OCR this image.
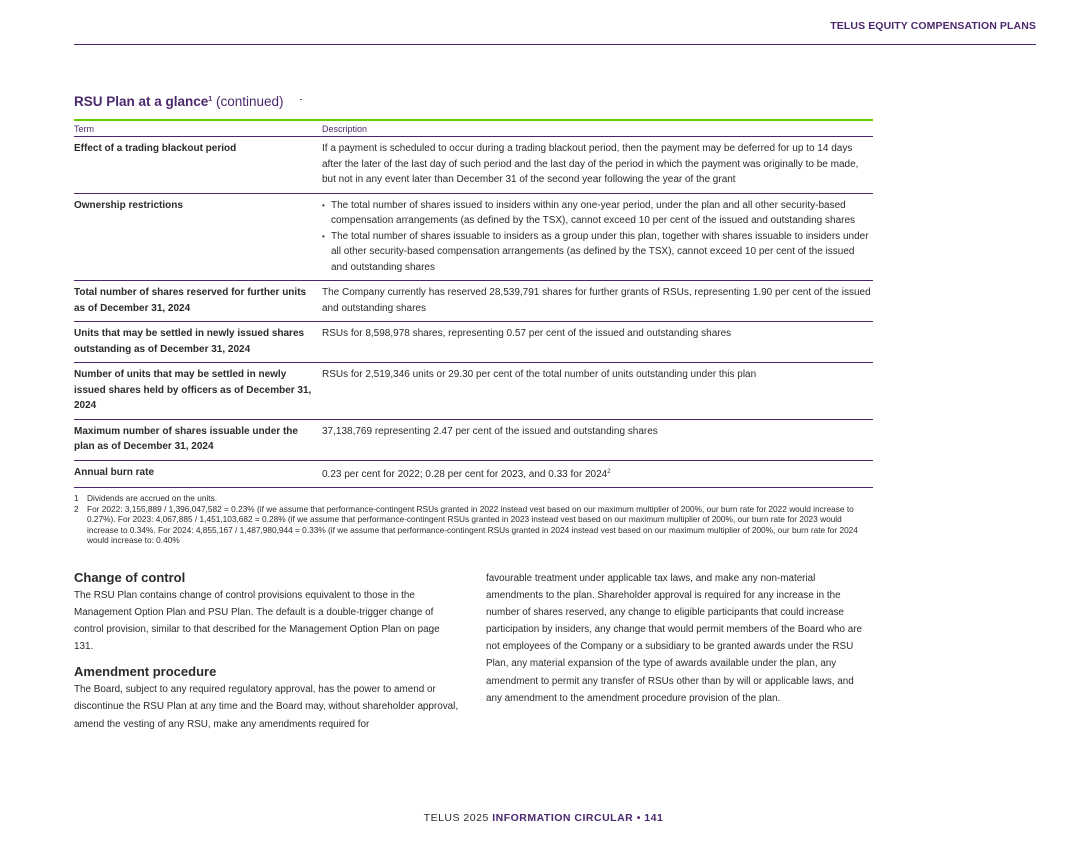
TELUS EQUITY COMPENSATION PLANS
RSU Plan at a glance$^1$ (continued)
Term	Description
Effect of a trading blackout period	If a payment is scheduled to occur during a trading blackout period, then the payment may be deferred for up to 14 days after the later of the last day of such period and the last day of the period in which the payment was originally to be made, but not in any event later than December 31 of the second year following the year of the grant
Ownership restrictions
•	The total number of shares issued to insiders within any one-year period, under the plan and all other security-based compensation arrangements (as defined by the TSX), cannot exceed 10 per cent of the issued and outstanding shares
• The total number of shares issuable to insiders as a group under this plan, together with shares issuable to insiders under all other security-based compensation arrangements (as defined by the TSX), cannot exceed 10 per cent of the issued and outstanding shares
Total number of shares reserved for further units as of December 31, 2024
The Company currently has reserved 28,539,791 shares for further grants of RSUs, representing 1.90 per cent of the issued and outstanding shares
Units that may be settled in newly issued shares outstanding as of December 31, 2024
RSUs for 8,598,978 shares, representing 0.57 per cent of the issued and outstanding shares
Number of units that may be settled in newly issued shares held by officers as of December 31, 2024
RSUs for 2,519,346 units or 29.30 per cent of the total number of units outstanding under this plan
Maximum number of shares issuable under the plan as of December 31, 2024
37,138,769 representing 2.47 per cent of the issued and outstanding shares
Annual burn rate	0.23 per cent for 2022; 0.28 per cent for 2023, and 0.33 for 2024$^2$
1	Dividends are accrued on the units.
2	For 2022: 3,155,889 / 1,396,047,582 = 0.23% (if we assume that performance-contingent RSUs granted in 2022 instead vest based on our maximum multiplier of 200%, our burn rate for 2022 would increase to 0.27%). For 2023: 4,067,885 / 1,451,103,682 = 0.28% (if we assume that performance-contingent RSUs granted in 2023 instead vest based on our maximum multiplier of 200%, our burn rate for 2023 would increase to 0.34%. For 2024: 4,855,167 / 1,487,980,944 = 0.33% (if we assume that performance-contingent RSUs granted in 2024 instead vest based on our maximum multiplier of 200%, our burn rate for 2024 would increase to: 0.40%
Change of control

The RSU Plan contains change of control provisions equivalent to those in the Management Option Plan and PSU Plan. The default is a double-trigger change of control provision, similar to that described for the Management Option Plan on page 131.

Amendment procedure

The Board, subject to any required regulatory approval, has the power to amend or discontinue the RSU Plan at any time and the Board may, without shareholder approval, amend the vesting of any RSU, make any amendments required for

favourable treatment under applicable tax laws, and make any non-material amendments to the plan. Shareholder approval is required for any increase in the number of shares reserved, any change to eligible participants that could increase participation by insiders, any change that would permit members of the Board who are not employees of the Company or a subsidiary to be granted awards under the RSU Plan, any material expansion of the type of awards available under the plan, any amendment to permit any transfer of RSUs other than by will or applicable laws, and any amendment to the amendment procedure provision of the plan.

TELUS 2025 INFORMATION CIRCULAR • 141
